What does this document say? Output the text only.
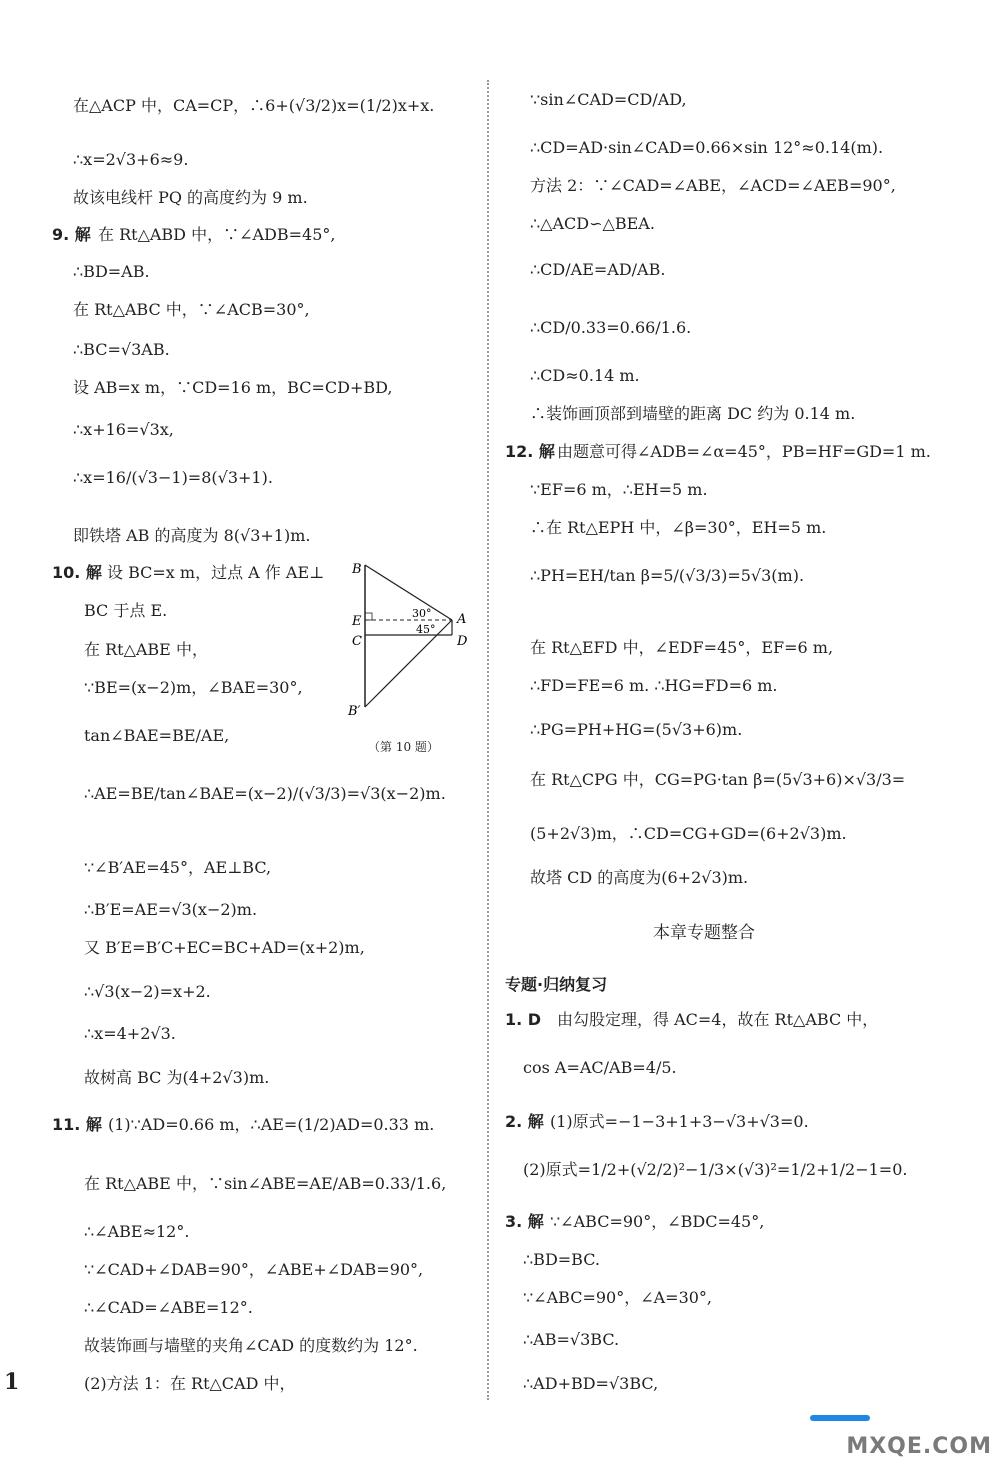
在△ACP 中，CA=CP，∴6+(√3/2)x=(1/2)x+x.
∴x=2√3+6≈9.
故该电线杆 PQ 的高度约为 9 m.
9. 解 在 Rt△ABD 中，∵∠ADB=45°,
∴BD=AB.
在 Rt△ABC 中，∵∠ACB=30°,
∴BC=√3AB.
设 AB=x m，∵CD=16 m，BC=CD+BD,
∴x+16=√3x,
∴x=16/(√3−1)=8(√3+1).
即铁塔 AB 的高度为 8(√3+1)m.
10. 解 设 BC=x m，过点 A 作 AE⊥
BC 于点 E.
在 Rt△ABE 中，
∵BE=(x−2)m，∠BAE=30°,
tan∠BAE=BE/AE,
∴AE=BE/tan∠BAE=(x−2)/(√3/3)=√3(x−2)m.
∵∠B′AE=45°，AE⊥BC,
∴B′E=AE=√3(x−2)m.
又 B′E=B′C+EC=BC+AD=(x+2)m,
∴√3(x−2)=x+2.
∴x=4+2√3.
故树高 BC 为(4+2√3)m.
11. 解 (1)∵AD=0.66 m，∴AE=(1/2)AD=0.33 m.
在 Rt△ABE 中，∵sin∠ABE=AE/AB=0.33/1.6,
∴∠ABE≈12°.
∵∠CAD+∠DAB=90°，∠ABE+∠DAB=90°,
∴∠CAD=∠ABE=12°.
故装饰画与墙壁的夹角∠CAD 的度数约为 12°.
(2)方法 1：在 Rt△CAD 中，
B
E
C
B′
A
D
30°
45°
（第 10 题）
∵sin∠CAD=CD/AD,
∴CD=AD·sin∠CAD=0.66×sin 12°≈0.14(m).
方法 2：∵∠CAD=∠ABE，∠ACD=∠AEB=90°,
∴△ACD∽△BEA.
∴CD/AE=AD/AB.
∴CD/0.33=0.66/1.6.
∴CD≈0.14 m.
∴装饰画顶部到墙壁的距离 DC 约为 0.14 m.
12. 解 由题意可得∠ADB=∠α=45°，PB=HF=GD=1 m.
∵EF=6 m，∴EH=5 m.
∴在 Rt△EPH 中，∠β=30°，EH=5 m.
∴PH=EH/tan β=5/(√3/3)=5√3(m).
在 Rt△EFD 中，∠EDF=45°，EF=6 m,
∴FD=FE=6 m. ∴HG=FD=6 m.
∴PG=PH+HG=(5√3+6)m.
在 Rt△CPG 中，CG=PG·tan β=(5√3+6)×√3/3=
(5+2√3)m，∴CD=CG+GD=(6+2√3)m.
故塔 CD 的高度为(6+2√3)m.
本章专题整合
专题·归纳复习
1. D 由勾股定理，得 AC=4，故在 Rt△ABC 中，
cos A=AC/AB=4/5.
2. 解 (1)原式=−1−3+1+3−√3+√3=0.
(2)原式=1/2+(√2/2)²−1/3×(√3)²=1/2+1/2−1=0.
3. 解 ∵∠ABC=90°，∠BDC=45°,
∴BD=BC.
∵∠ABC=90°，∠A=30°,
∴AB=√3BC.
∴AD+BD=√3BC,
1
MXQE.COM
